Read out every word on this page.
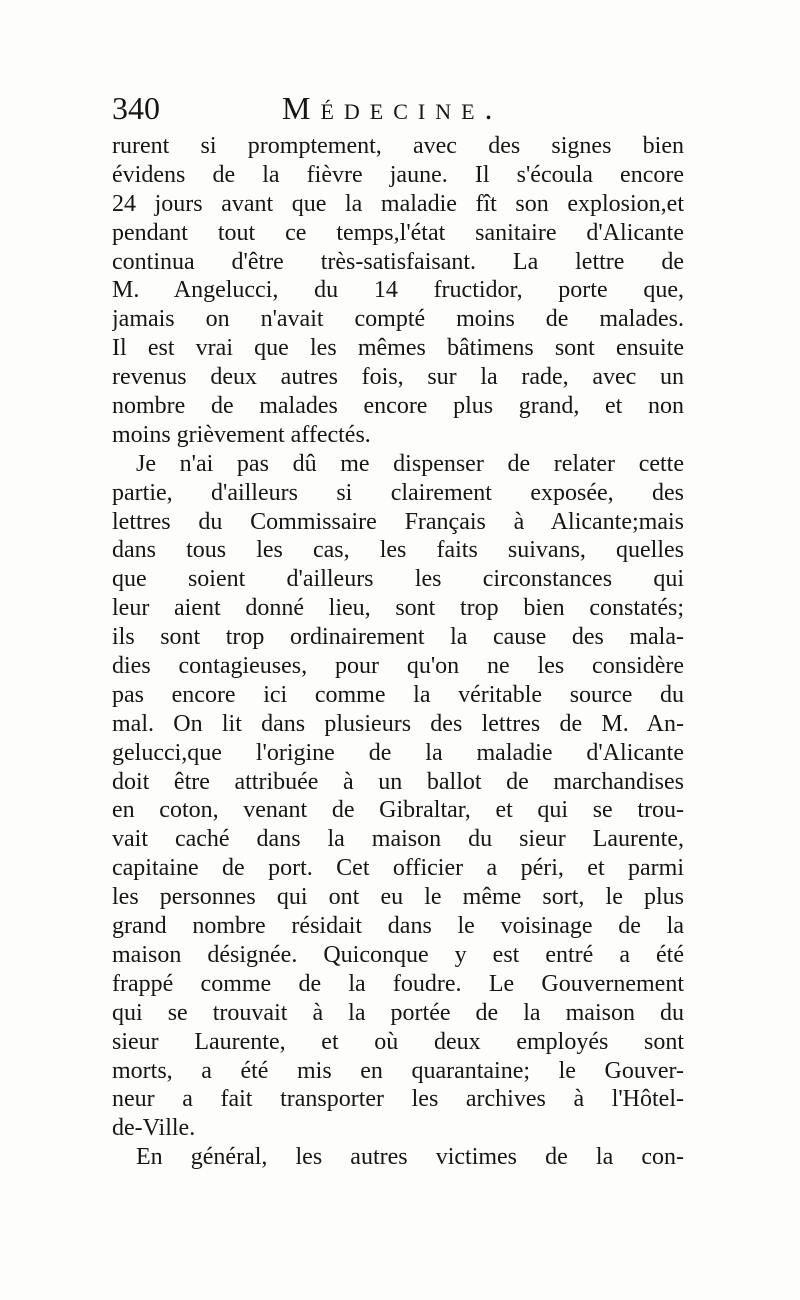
340	Médecine.
rurent si promptement, avec des signes bien
évidens de la fièvre jaune. Il s'écoula encore
24 jours avant que la maladie fît son explosion,et
pendant tout ce temps,l'état sanitaire d'Alicante
continua d'être très-satisfaisant. La lettre de
M. Angelucci, du 14 fructidor, porte que,
jamais on n'avait compté moins de malades.
Il est vrai que les mêmes bâtimens sont ensuite
revenus deux autres fois, sur la rade, avec un
nombre de malades encore plus grand, et non
moins grièvement affectés.
Je n'ai pas dû me dispenser de relater cette
partie, d'ailleurs si clairement exposée, des
lettres du Commissaire Français à Alicante;mais
dans tous les cas, les faits suivans, quelles
que soient d'ailleurs les circonstances qui
leur aient donné lieu, sont trop bien constatés;
ils sont trop ordinairement la cause des mala-
dies contagieuses, pour qu'on ne les considère
pas encore ici comme la véritable source du
mal. On lit dans plusieurs des lettres de M. An-
gelucci,que l'origine de la maladie d'Alicante
doit être attribuée à un ballot de marchandises
en coton, venant de Gibraltar, et qui se trou-
vait caché dans la maison du sieur Laurente,
capitaine de port. Cet officier a péri, et parmi
les personnes qui ont eu le même sort, le plus
grand nombre résidait dans le voisinage de la
maison désignée. Quiconque y est entré a été
frappé comme de la foudre. Le Gouvernement
qui se trouvait à la portée de la maison du
sieur Laurente, et où deux employés sont
morts, a été mis en quarantaine; le Gouver-
neur a fait transporter les archives à l'Hôtel-
de-Ville.
En général, les autres victimes de la con-
